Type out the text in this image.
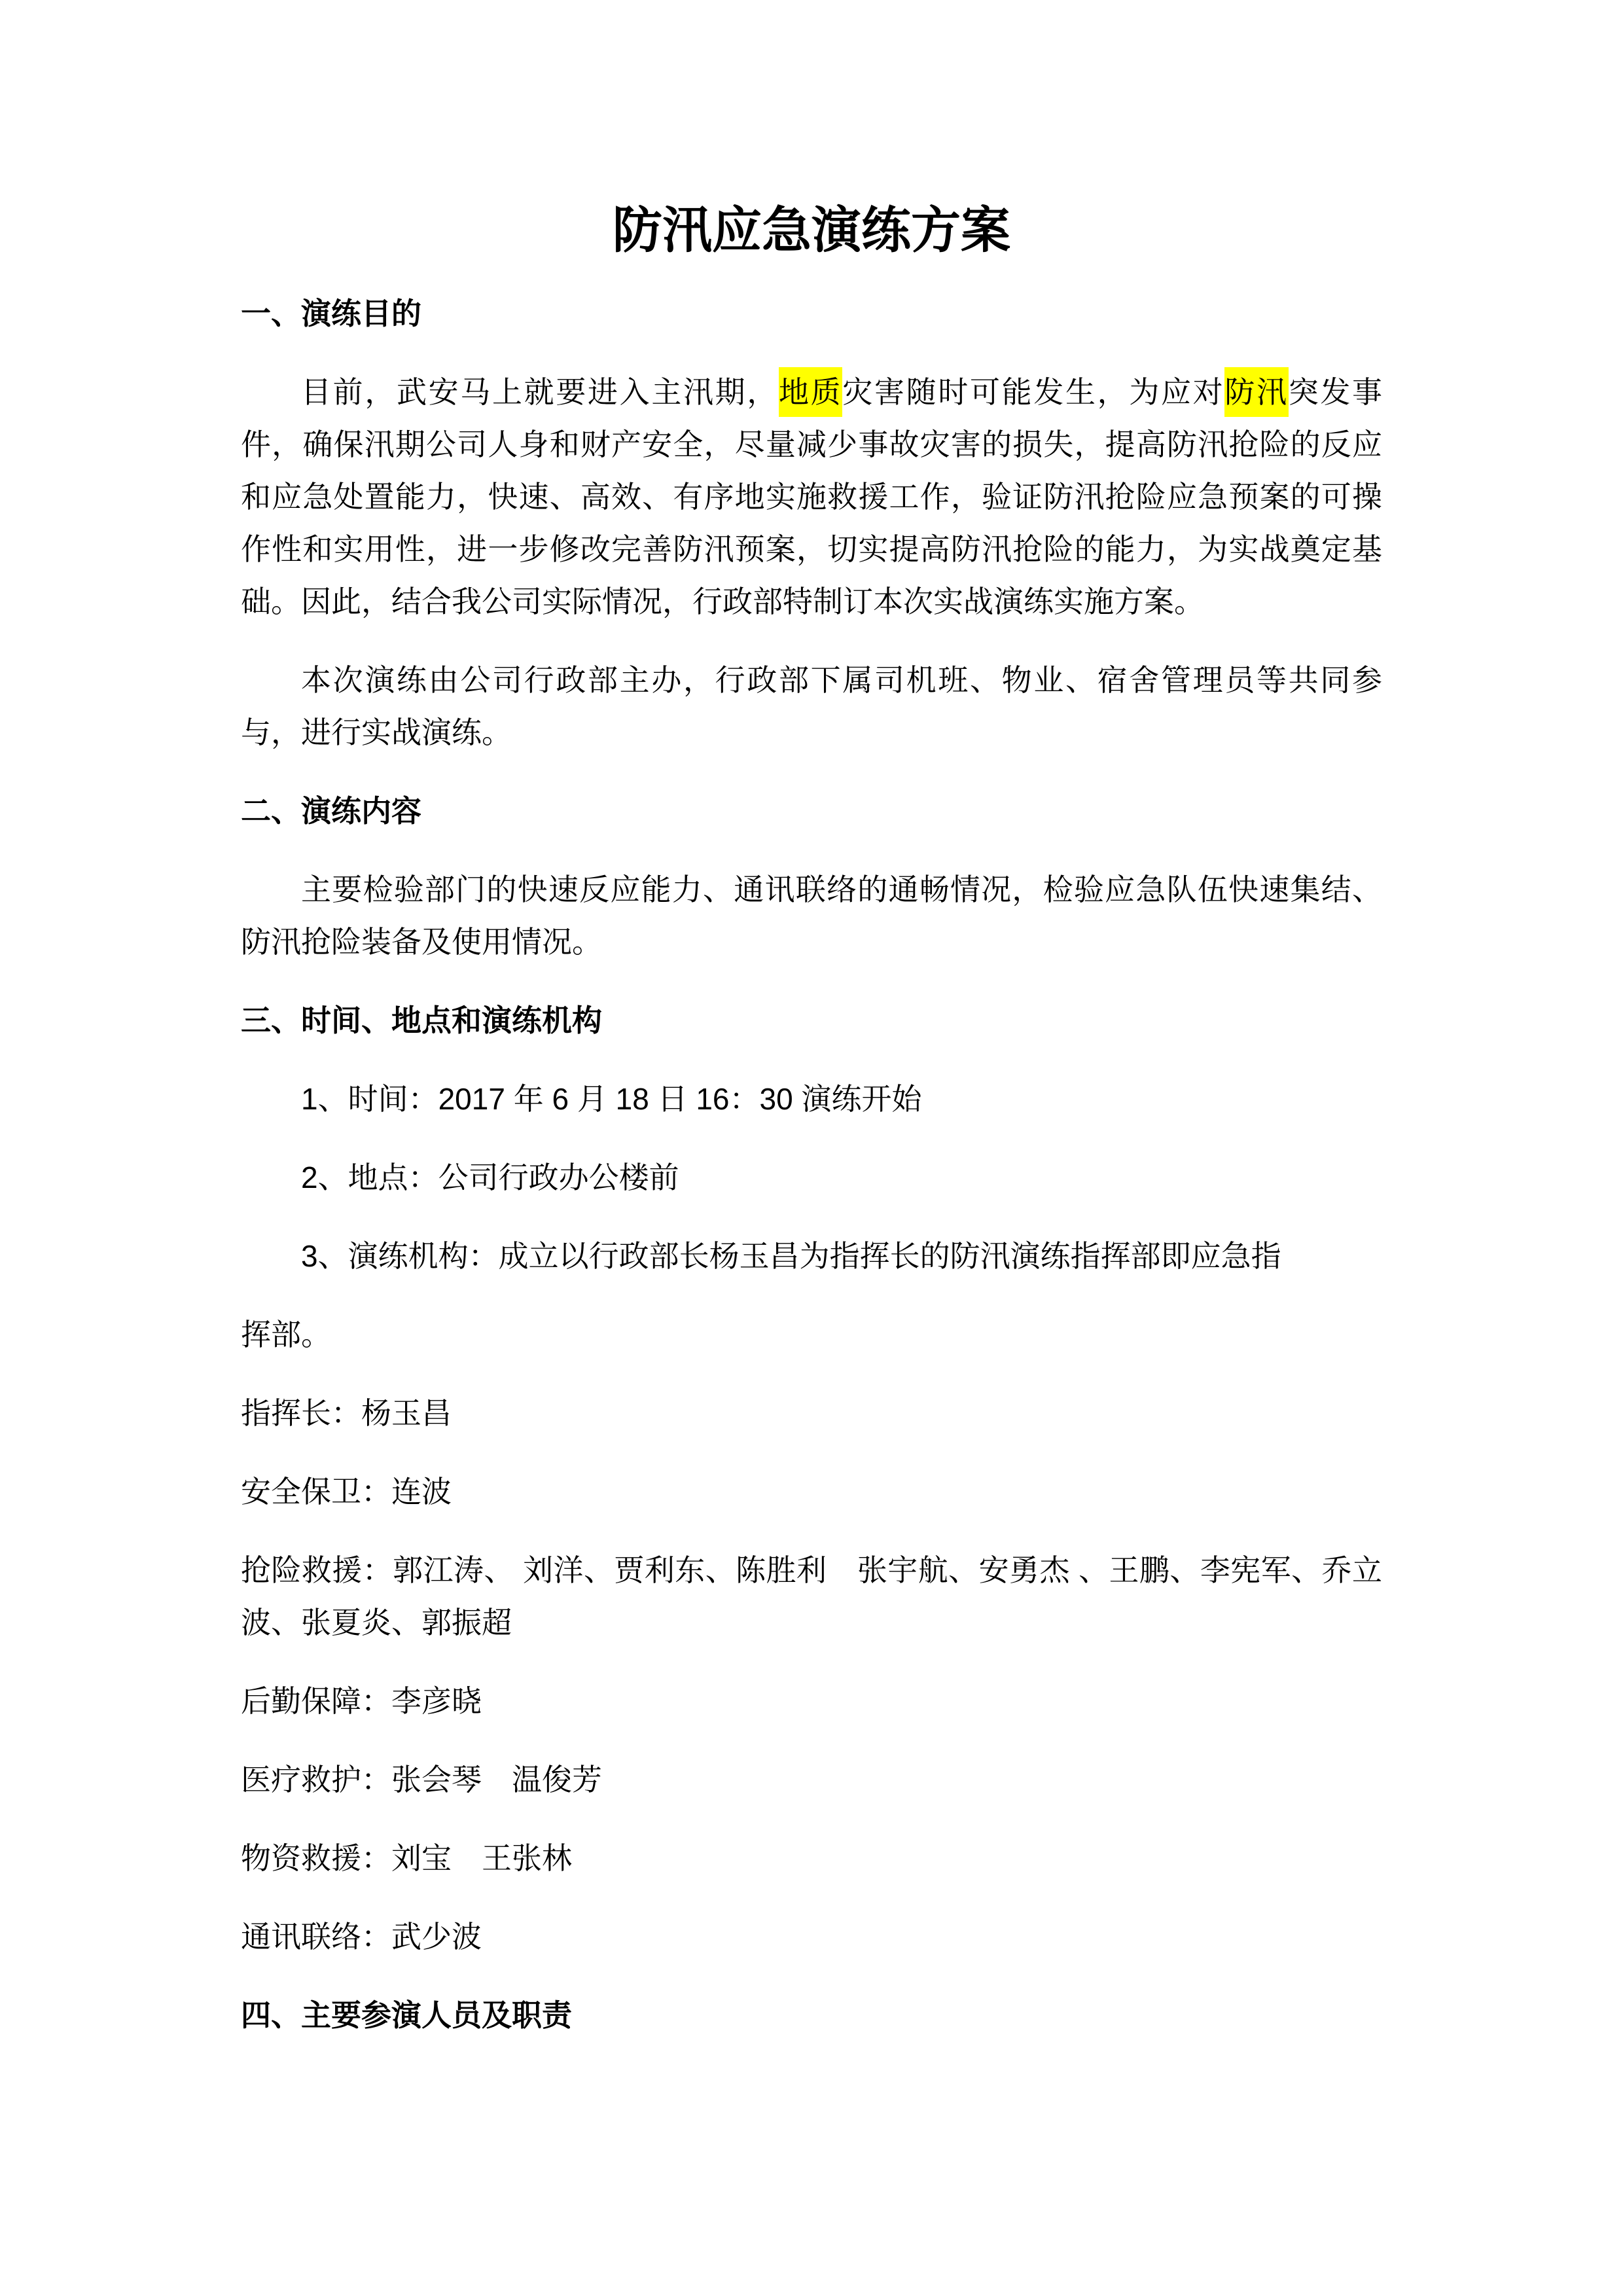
防汛应急演练方案
一、演练目的

目前，武安马上就要进入主汛期，地质灾害随时可能发生，为应对防汛突发事件，确保汛期公司人身和财产安全，尽量减少事故灾害的损失，提高防汛抢险的反应和应急处置能力，快速、高效、有序地实施救援工作，验证防汛抢险应急预案的可操作性和实用性，进一步修改完善防汛预案，切实提高防汛抢险的能力，为实战奠定基础。因此，结合我公司实际情况，行政部特制订本次实战演练实施方案。

本次演练由公司行政部主办，行政部下属司机班、物业、宿舍管理员等共同参与，进行实战演练。

二、演练内容

主要检验部门的快速反应能力、通讯联络的通畅情况，检验应急队伍快速集结、防汛抢险装备及使用情况。

三、时间、地点和演练机构

1、时间：2017 年 6 月 18 日 16：30 演练开始

2、地点：公司行政办公楼前

3、演练机构：成立以行政部长杨玉昌为指挥长的防汛演练指挥部即应急指

挥部。

指挥长：杨玉昌

安全保卫：连波

抢险救援：郭江涛、 刘洋、贾利东、陈胜利　张宇航、安勇杰 、王鹏、李宪军、乔立波、张夏炎、郭振超

后勤保障：李彦晓

医疗救护：张会琴　温俊芳

物资救援：刘宝　王张林

通讯联络：武少波

四、主要参演人员及职责
